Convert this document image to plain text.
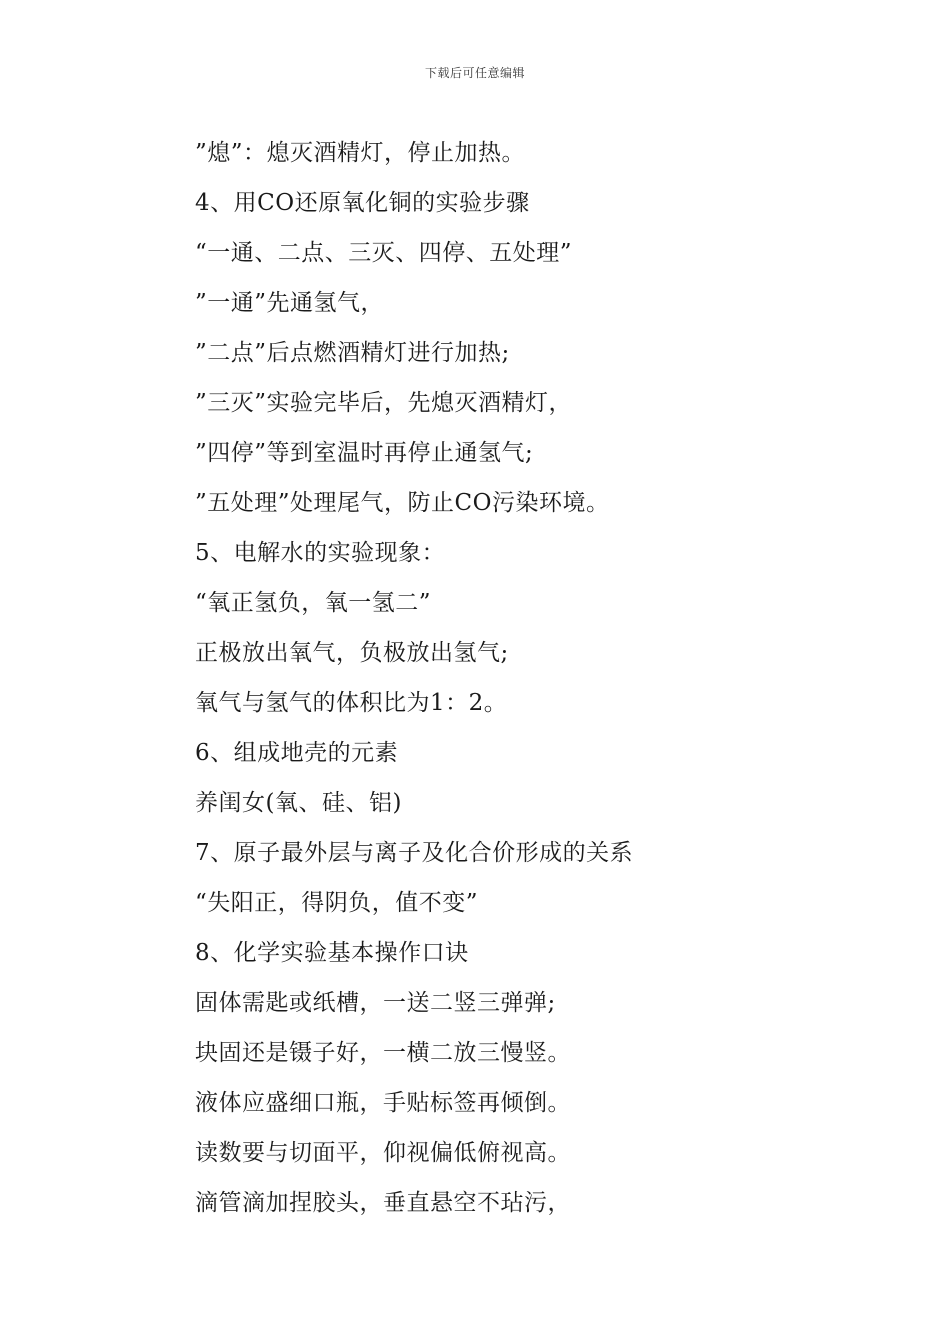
下载后可任意编辑
”熄”：熄灭酒精灯，停止加热。
4、用CO还原氧化铜的实验步骤
“一通、二点、三灭、四停、五处理”
”一通”先通氢气，
”二点”后点燃酒精灯进行加热;
”三灭”实验完毕后，先熄灭酒精灯，
”四停”等到室温时再停止通氢气;
”五处理”处理尾气，防止CO污染环境。
5、电解水的实验现象：
“氧正氢负，氧一氢二”
正极放出氧气，负极放出氢气;
氧气与氢气的体积比为1：2。
6、组成地壳的元素
养闺女(氧、硅、铝)
7、原子最外层与离子及化合价形成的关系
“失阳正，得阴负，值不变”
8、化学实验基本操作口诀
固体需匙或纸槽，一送二竖三弹弹;
块固还是镊子好，一横二放三慢竖。
液体应盛细口瓶，手贴标签再倾倒。
读数要与切面平，仰视偏低俯视高。
滴管滴加捏胶头，垂直悬空不玷污，
